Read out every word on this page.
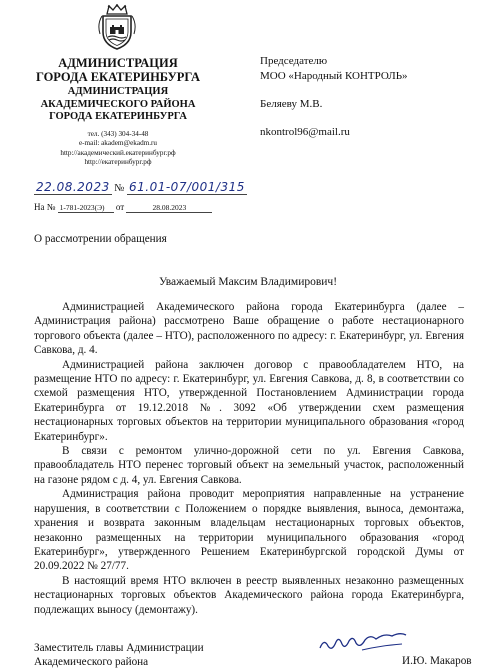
АДМИНИСТРАЦИЯ
ГОРОДА ЕКАТЕРИНБУРГА
АДМИНИСТРАЦИЯ
АКАДЕМИЧЕСКОГО РАЙОНА
ГОРОДА ЕКАТЕРИНБУРГА
тел. (343) 304-34-48
e-mail: akadem@ekadm.ru
http://академический.екатеринбург.рф
http://екатеринбург.рф
Председателю
МОО «Народный КОНТРОЛЬ»
Беляеву М.В.
nkontrol96@mail.ru
22.08.2023 № 61.01-07/001/315
На № 1-781-2023(Э) от	28.08.2023
О рассмотрении обращения
Уважаемый Максим Владимирович!

Администрацией Академического района города Екатеринбурга (далее – Администрация района) рассмотрено Ваше обращение о работе нестационарного торгового объекта (далее – НТО), расположенного по адресу: г. Екатеринбург, ул. Евгения Савкова, д. 4.

Администрацией района заключен договор с правообладателем НТО, на размещение НТО по адресу: г. Екатеринбург, ул. Евгения Савкова, д. 8, в соответствии со схемой размещения НТО, утвержденной Постановлением Администрации города Екатеринбурга от 19.12.2018 №. 3092 «Об утверждении схем размещения нестационарных торговых объектов на территории муниципального образования «город Екатеринбург».

В связи с ремонтом улично-дорожной сети по ул. Евгения Савкова, правообладатель НТО перенес торговый объект на земельный участок, расположенный на газоне рядом с д. 4, ул. Евгения Савкова.

Администрация района проводит мероприятия направленные на устранение нарушения, в соответствии с Положением о порядке выявления, выноса, демонтажа, хранения и возврата законным владельцам нестационарных торговых объектов, незаконно размещенных на территории муниципального образования «город Екатеринбург», утвержденного Решением Екатеринбургской городской Думы от 20.09.2022 № 27/77.

В настоящий время НТО включен в реестр выявленных незаконно размещенных нестационарных торговых объектов Академического района города Екатеринбурга, подлежащих выносу (демонтажу).

Заместитель главы Администрации
Академического района	И.Ю. Макаров
